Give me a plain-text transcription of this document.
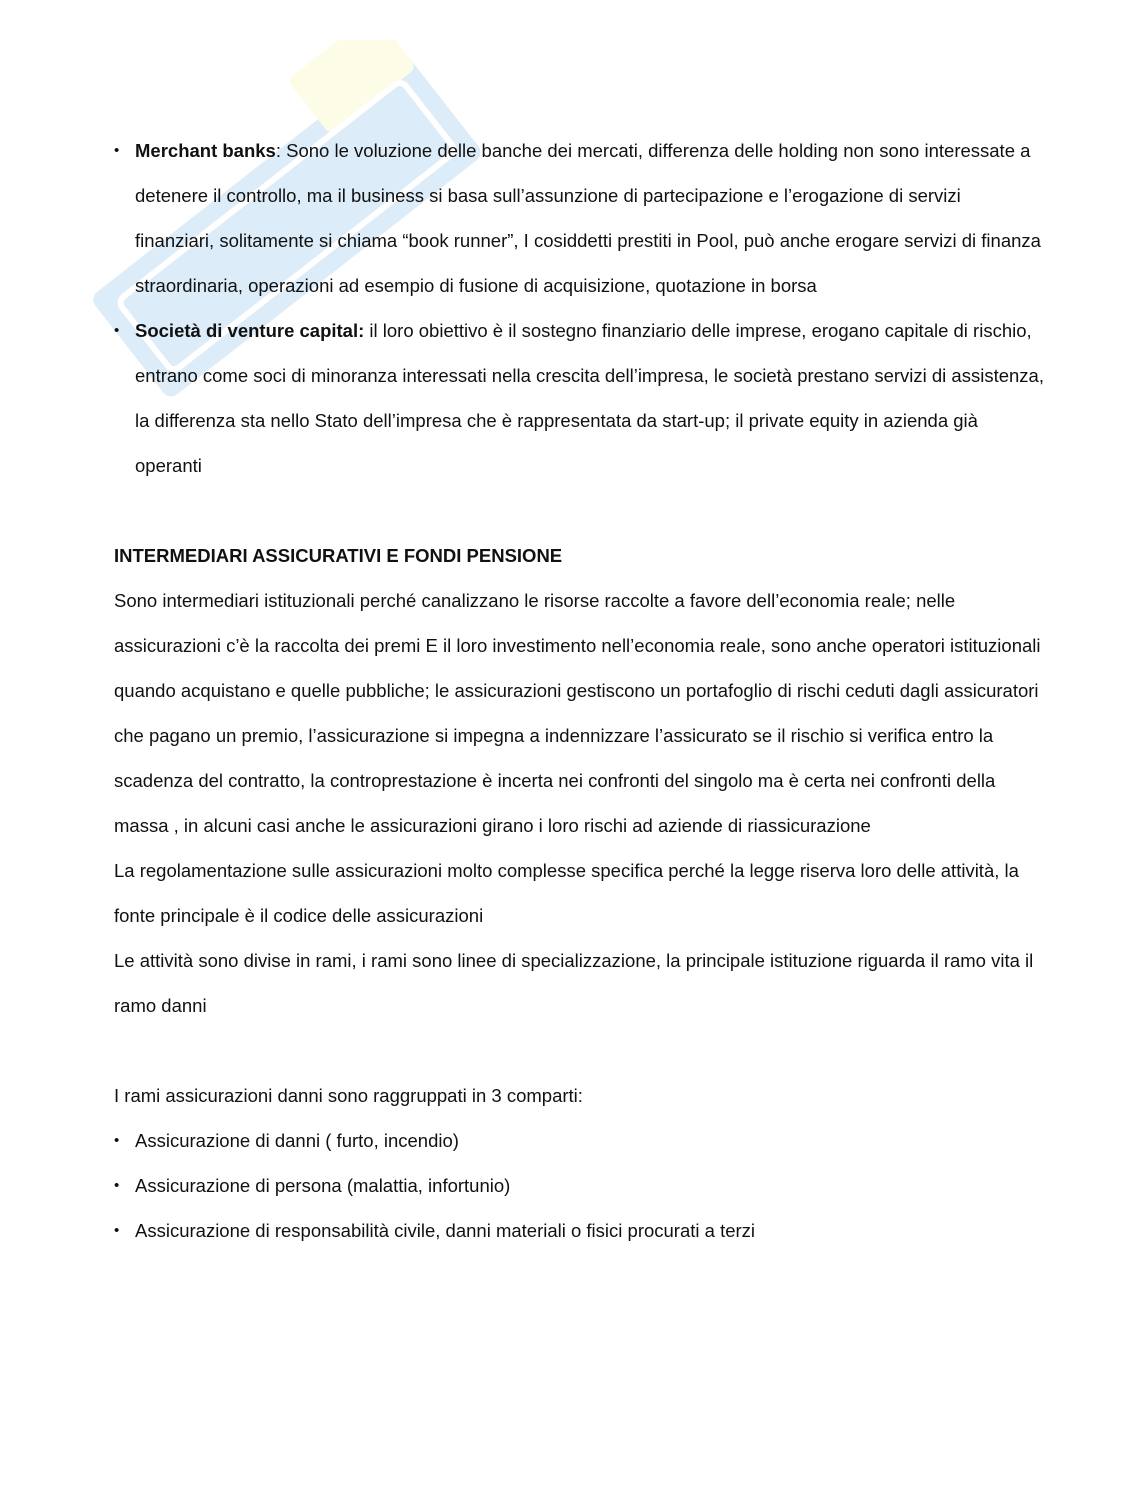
• Merchant banks: Sono le voluzione delle banche dei mercati, differenza delle holding non sono interessate a detenere il controllo, ma il business si basa sull’assunzione di partecipazione e l’erogazione di servizi finanziari, solitamente si chiama “book runner”, I cosiddetti prestiti in Pool, può anche erogare servizi di finanza straordinaria, operazioni ad esempio di fusione di acquisizione, quotazione in borsa

• Società di venture capital: il loro obiettivo è il sostegno finanziario delle imprese, erogano capitale di rischio, entrano come soci di minoranza interessati nella crescita dell’impresa, le società prestano servizi di assistenza, la differenza sta nello Stato dell’impresa che è rappresentata da start-up; il private equity in azienda già operanti

INTERMEDIARI ASSICURATIVI E FONDI PENSIONE

Sono intermediari istituzionali perché canalizzano le risorse raccolte a favore dell’economia reale; nelle assicurazioni c’è la raccolta dei premi E il loro investimento nell’economia reale, sono anche operatori istituzionali quando acquistano e quelle pubbliche; le assicurazioni gestiscono un portafoglio di rischi ceduti dagli assicuratori che pagano un premio, l’assicurazione si impegna a indennizzare l’assicurato se il rischio si verifica entro la scadenza del contratto, la controprestazione è incerta nei confronti del singolo ma è certa nei confronti della massa , in alcuni casi anche le assicurazioni girano i loro rischi ad aziende di riassicurazione

La regolamentazione sulle assicurazioni molto complesse specifica perché la legge riserva loro delle attività, la fonte principale è il codice delle assicurazioni

Le attività sono divise in rami, i rami sono linee di specializzazione, la principale istituzione riguarda il ramo vita il ramo danni

I rami assicurazioni danni sono raggruppati in 3 comparti:

• Assicurazione di danni ( furto, incendio)

• Assicurazione di persona (malattia, infortunio)

• Assicurazione di responsabilità civile, danni materiali o fisici procurati a terzi
